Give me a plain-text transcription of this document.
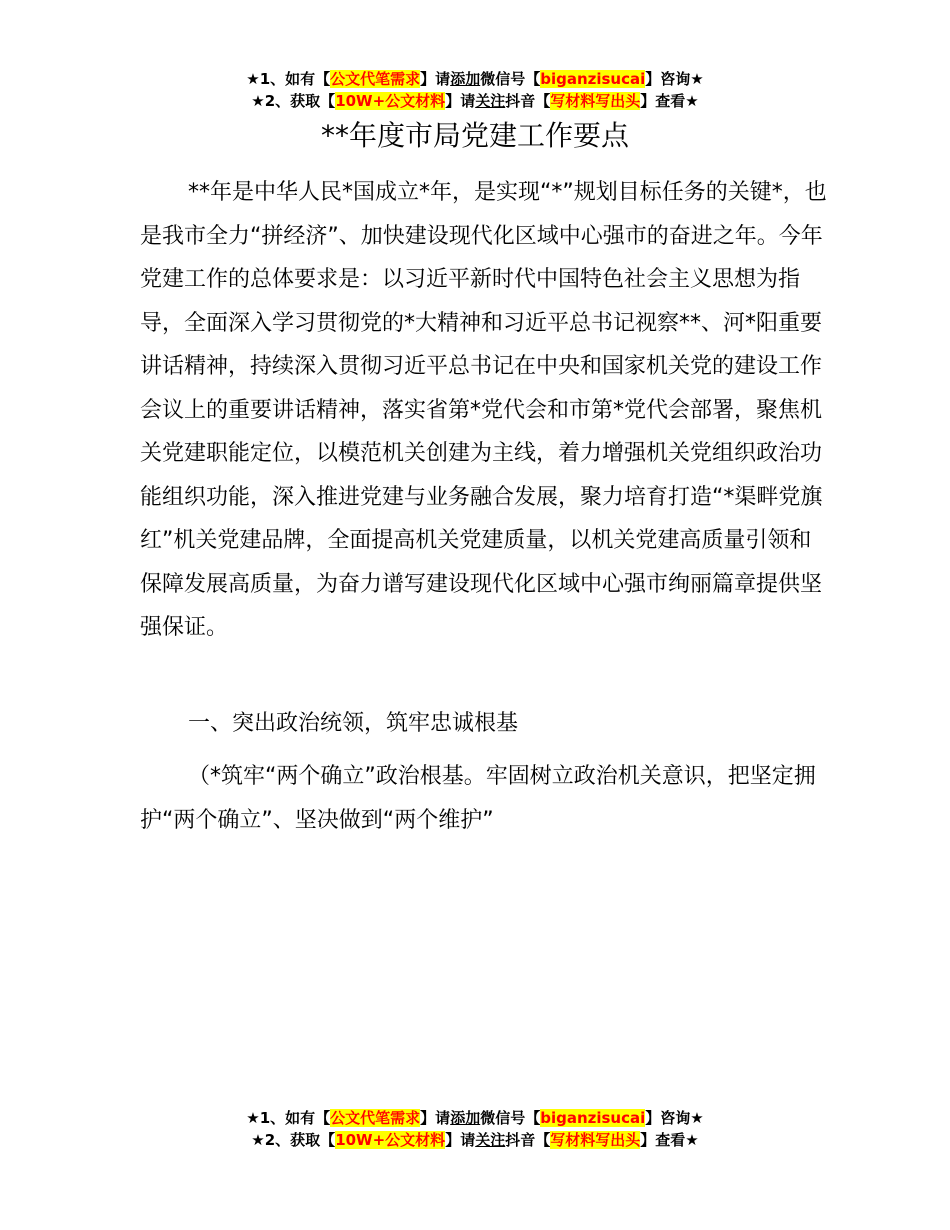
★1、如有【公文代笔需求】请添加微信号【biganzisucai】咨询★
★2、获取【10W+公文材料】请关注抖音【写材料写出头】查看★
**年度市局党建工作要点

**年是中华人民*国成立*年，是实现“*”规划目标任务的关键*，也是我市全力“拼经济”、加快建设现代化区域中心强市的奋进之年。今年党建工作的总体要求是：以习近平新时代中国特色社会主义思想为指导，全面深入学习贯彻党的*大精神和习近平总书记视察**、河*阳重要讲话精神，持续深入贯彻习近平总书记在中央和国家机关党的建设工作会议上的重要讲话精神，落实省第*党代会和市第*党代会部署，聚焦机关党建职能定位，以模范机关创建为主线，着力增强机关党组织政治功能组织功能，深入推进党建与业务融合发展，聚力培育打造“*渠畔党旗红”机关党建品牌，全面提高机关党建质量，以机关党建高质量引领和保障发展高质量，为奋力谱写建设现代化区域中心强市绚丽篇章提供坚强保证。

一、突出政治统领，筑牢忠诚根基

（*筑牢“两个确立”政治根基。牢固树立政治机关意识，把坚定拥护“两个确立”、坚决做到“两个维护”

★1、如有【公文代笔需求】请添加微信号【biganzisucai】咨询★
★2、获取【10W+公文材料】请关注抖音【写材料写出头】查看★
